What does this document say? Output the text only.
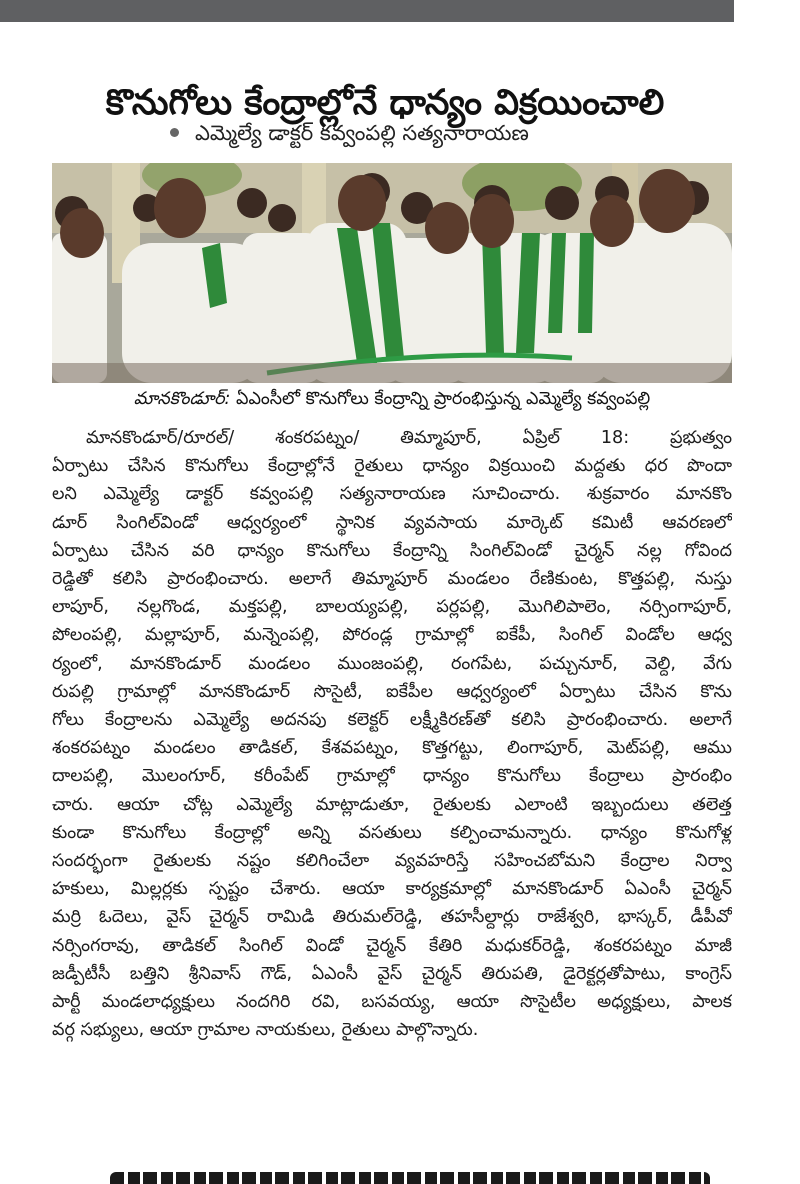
కొనుగోలు కేంద్రాల్లోనే ధాన్యం విక్రయించాలి
ఎమ్మెల్యే డాక్టర్ కవ్వంపల్లి సత్యనారాయణ
మానకొండూర్: ఏఎంసీలో కొనుగోలు కేంద్రాన్ని ప్రారంభిస్తున్న ఎమ్మెల్యే కవ్వంపల్లి
మానకొండూర్/రూరల్/ శంకరపట్నం/ తిమ్మాపూర్, ఏప్రిల్ 18: ప్రభుత్వం
ఏర్పాటు చేసిన కొనుగోలు కేంద్రాల్లోనే రైతులు ధాన్యం విక్రయించి మద్దతు ధర పొందా
లని ఎమ్మెల్యే డాక్టర్ కవ్వంపల్లి సత్యనారాయణ సూచించారు. శుక్రవారం మానకొం
డూర్ సింగిల్‌విండో ఆధ్వర్యంలో స్థానిక వ్యవసాయ మార్కెట్ కమిటీ ఆవరణలో
ఏర్పాటు చేసిన వరి ధాన్యం కొనుగోలు కేంద్రాన్ని సింగిల్‌విండో చైర్మన్ నల్ల గోవింద
రెడ్డితో కలిసి ప్రారంభించారు. అలాగే తిమ్మాపూర్ మండలం రేణికుంట, కొత్తపల్లి, నుస్తు
లాపూర్, నల్లగొండ, మక్తపల్లి, బాలయ్యపల్లి, పర్లపల్లి, మొగిలిపాలెం, నర్సింగాపూర్,
పోలంపల్లి, మల్లాపూర్, మన్నెంపల్లి, పోరండ్ల గ్రామాల్లో ఐకేపీ, సింగిల్ విండోల ఆధ్వ
ర్యంలో, మానకొండూర్ మండలం ముంజంపల్లి, రంగపేట, పచ్చునూర్, వెల్ది, వేగు
రుపల్లి గ్రామాల్లో మానకొండూర్ సొసైటీ, ఐకేపీల ఆధ్వర్యంలో ఏర్పాటు చేసిన కొను
గోలు కేంద్రాలను ఎమ్మెల్యే అదనపు కలెక్టర్ లక్ష్మీకిరణ్‌తో కలిసి ప్రారంభించారు. అలాగే
శంకరపట్నం మండలం తాడికల్, కేశవపట్నం, కొత్తగట్టు, లింగాపూర్, మెట్‌పల్లి, ఆము
దాలపల్లి, మొలంగూర్, కరీంపేట్ గ్రామాల్లో ధాన్యం కొనుగోలు కేంద్రాలు ప్రారంభిం
చారు. ఆయా చోట్ల ఎమ్మెల్యే మాట్లాడుతూ, రైతులకు ఎలాంటి ఇబ్బందులు తలెత్త
కుండా కొనుగోలు కేంద్రాల్లో అన్ని వసతులు కల్పించామన్నారు. ధాన్యం కొనుగోళ్ల
సందర్భంగా రైతులకు నష్టం కలిగించేలా వ్యవహరిస్తే సహించబోమని కేంద్రాల నిర్వా
హకులు, మిల్లర్లకు స్పష్టం చేశారు. ఆయా కార్యక్రమాల్లో మానకొండూర్ ఏఎంసీ చైర్మన్
మర్రి ఓదెలు, వైస్ చైర్మన్ రామిడి తిరుమల్‌రెడ్డి, తహసీల్దార్లు రాజేశ్వరి, భాస్కర్, డీపీవో
నర్సింగరావు, తాడికల్ సింగిల్ విండో చైర్మన్ కేతిరి మధుకర్‌రెడ్డి, శంకరపట్నం మాజీ
జడ్పీటీసీ బత్తిని శ్రీనివాస్ గౌడ్, ఏఎంసీ వైస్ చైర్మన్ తిరుపతి, డైరెక్టర్లతోపాటు, కాంగ్రెస్
పార్టీ మండలాధ్యక్షులు నందగిరి రవి, బసవయ్య, ఆయా సొసైటీల అధ్యక్షులు, పాలక
వర్గ సభ్యులు, ఆయా గ్రామాల నాయకులు, రైతులు పాల్గొన్నారు.
